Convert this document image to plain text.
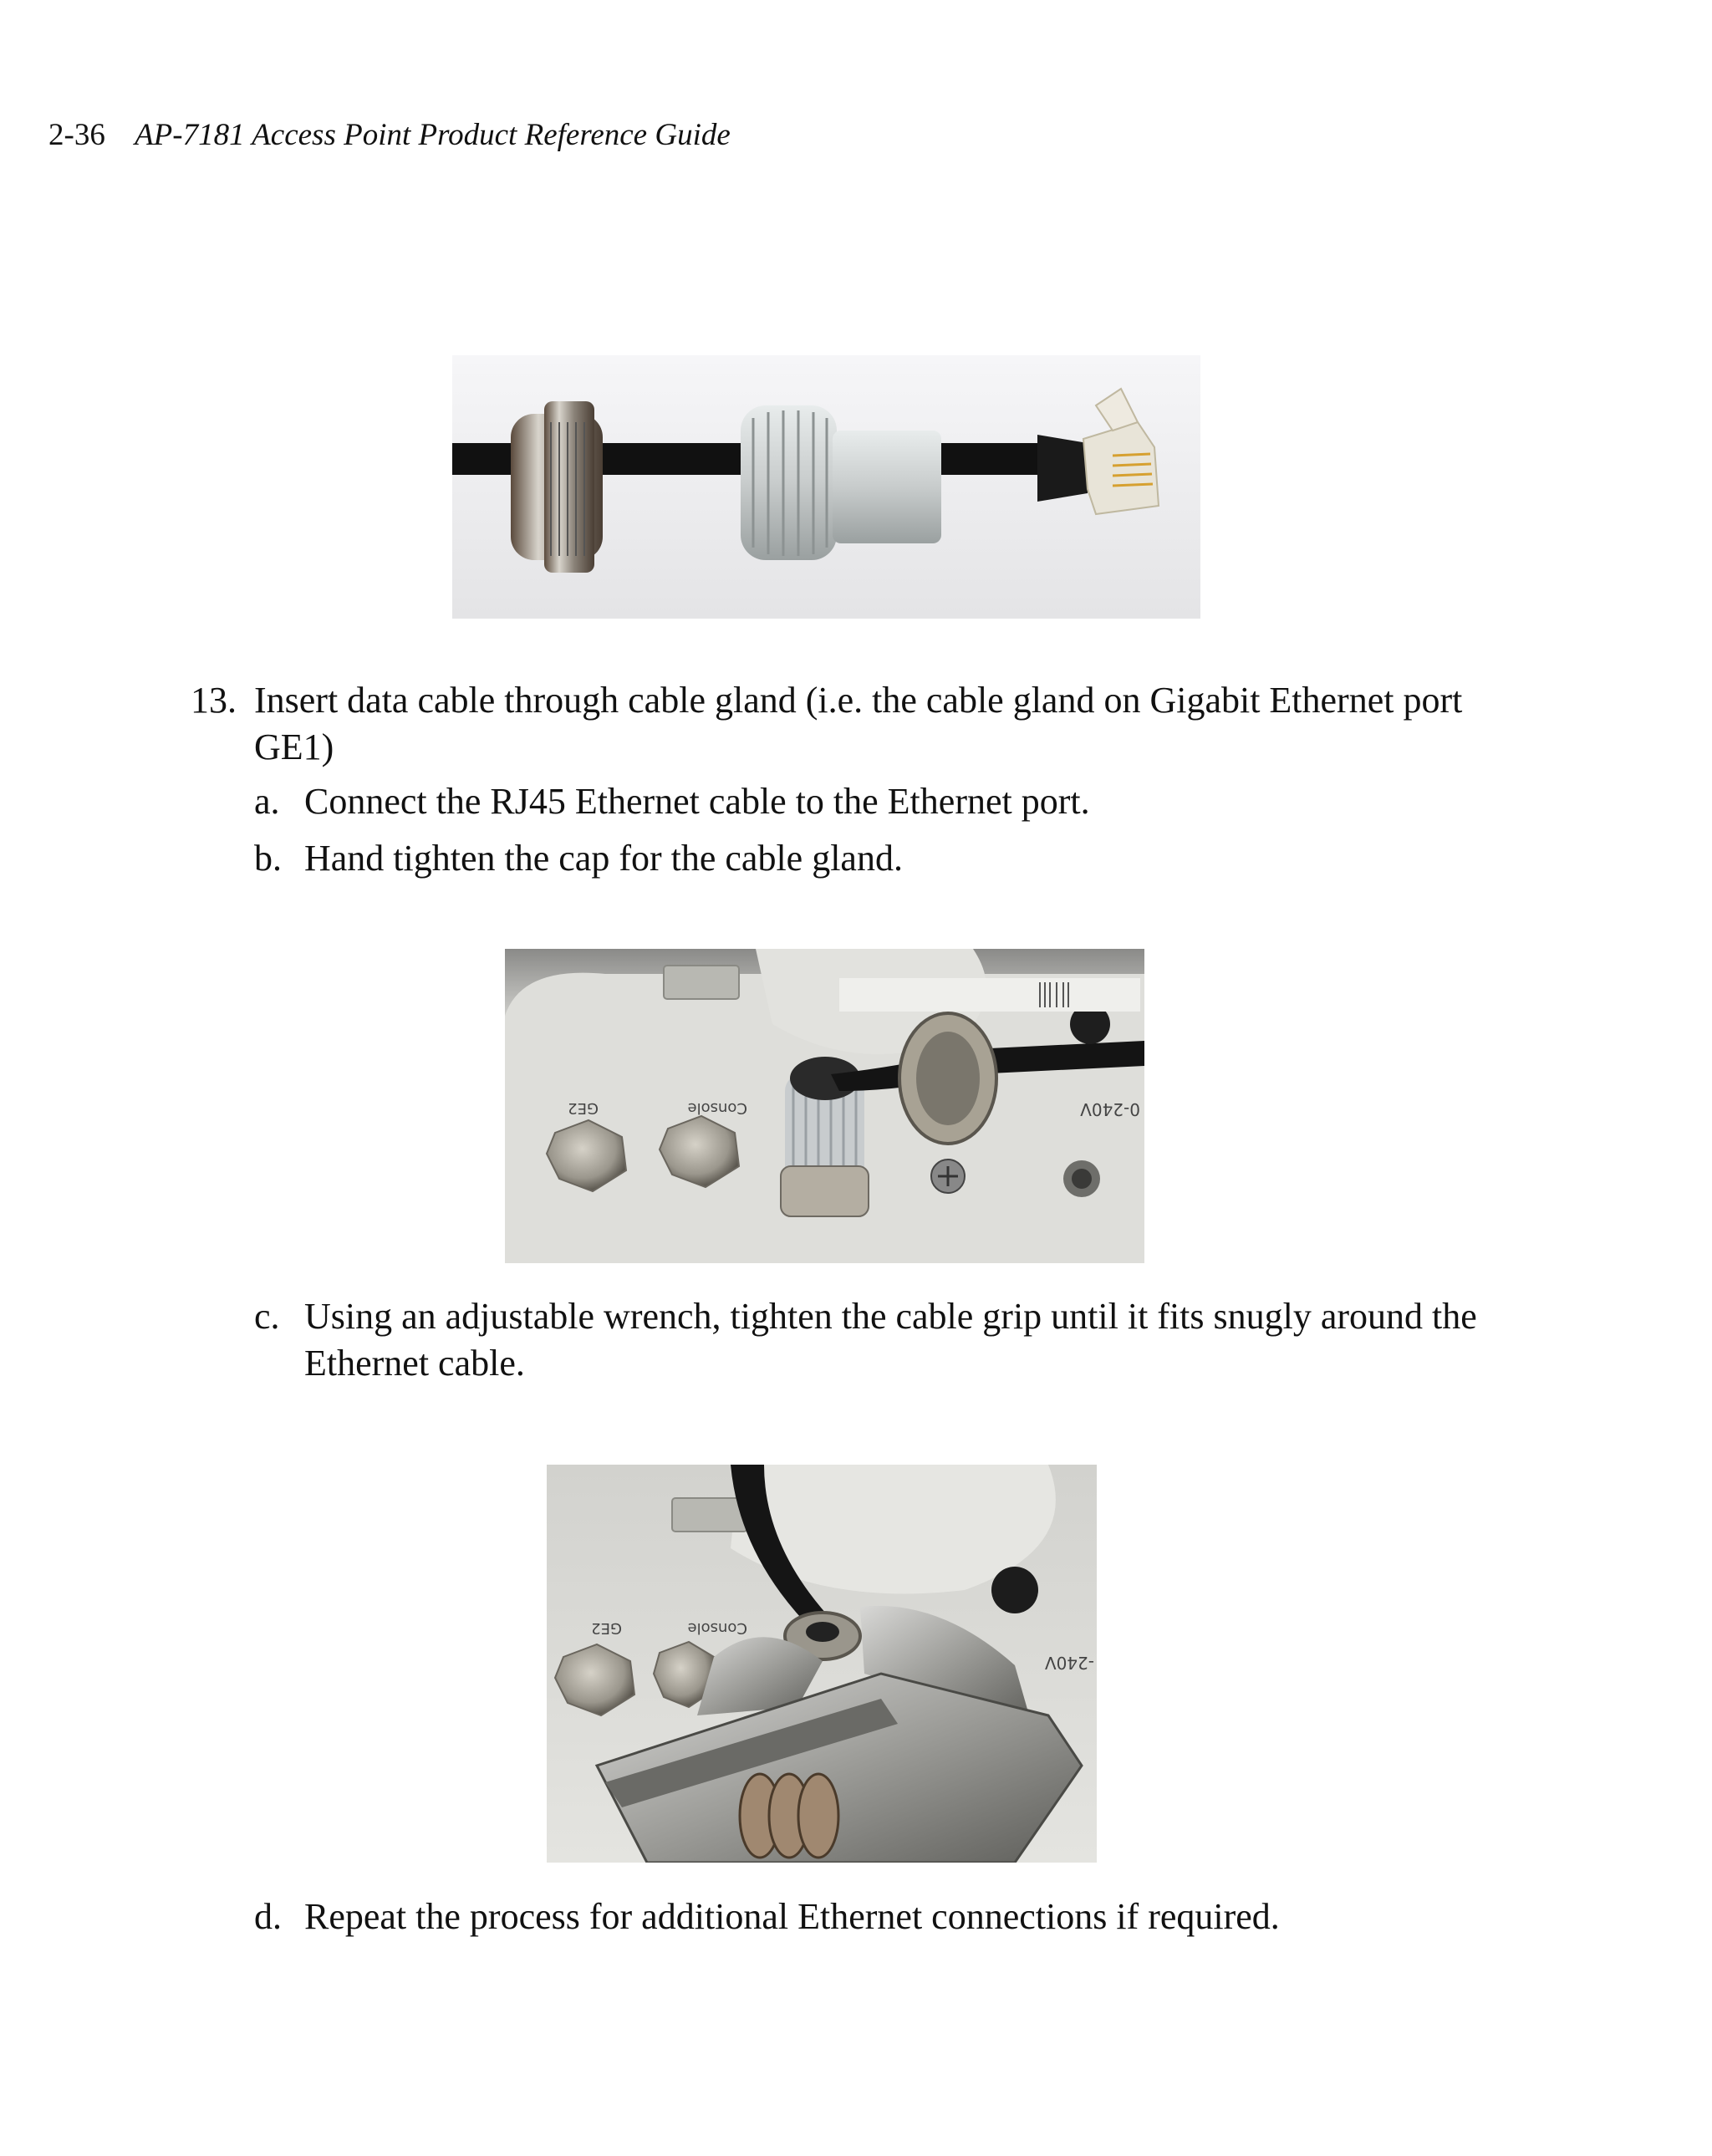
2-36 AP-7181 Access Point Product Reference Guide
13. Insert data cable through cable gland (i.e. the cable gland on Gigabit Ethernet port
GE1)
a. Connect the RJ45 Ethernet cable to the Ethernet port.
b. Hand tighten the cap for the cable gland.
GE2	Console	0-240V
c. Using an adjustable wrench, tighten the cable grip until it fits snugly around the
Ethernet cable.
GE2	Console
-240V
d. Repeat the process for additional Ethernet connections if required.
